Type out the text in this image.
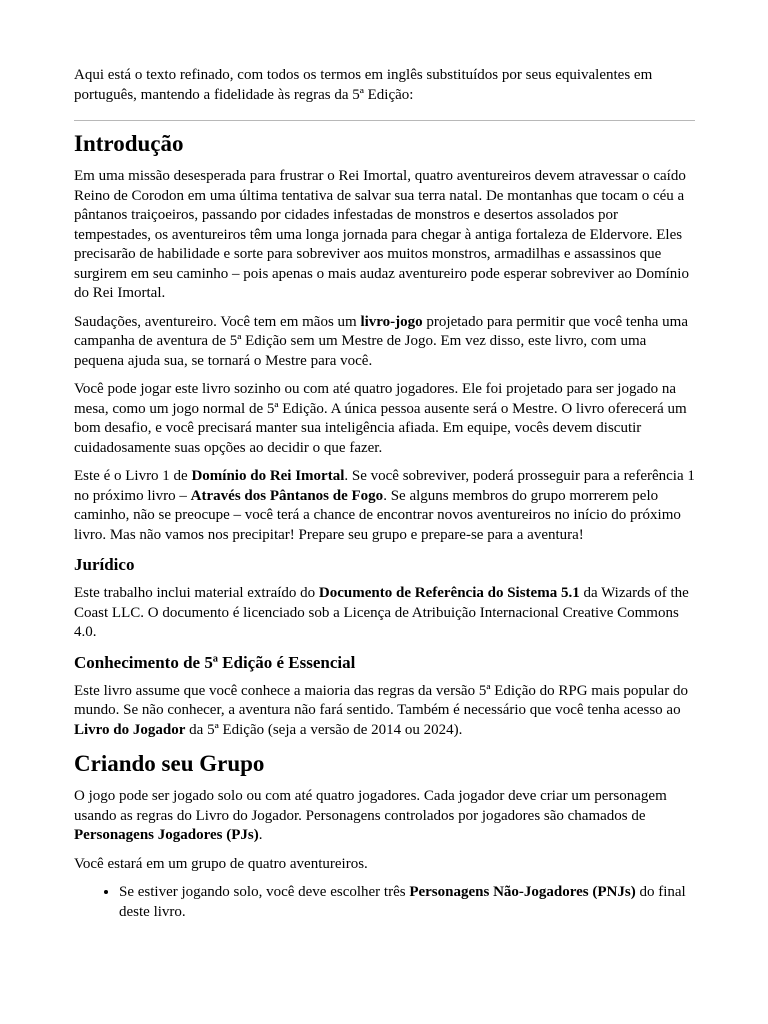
Aqui está o texto refinado, com todos os termos em inglês substituídos por seus equivalentes em português, mantendo a fidelidade às regras da 5ª Edição:

Introdução

Em uma missão desesperada para frustrar o Rei Imortal, quatro aventureiros devem atravessar o caído Reino de Corodon em uma última tentativa de salvar sua terra natal. De montanhas que tocam o céu a pântanos traiçoeiros, passando por cidades infestadas de monstros e desertos assolados por tempestades, os aventureiros têm uma longa jornada para chegar à antiga fortaleza de Eldervore. Eles precisarão de habilidade e sorte para sobreviver aos muitos monstros, armadilhas e assassinos que surgirem em seu caminho – pois apenas o mais audaz aventureiro pode esperar sobreviver ao Domínio do Rei Imortal.

Saudações, aventureiro. Você tem em mãos um livro-jogo projetado para permitir que você tenha uma campanha de aventura de 5ª Edição sem um Mestre de Jogo. Em vez disso, este livro, com uma pequena ajuda sua, se tornará o Mestre para você.

Você pode jogar este livro sozinho ou com até quatro jogadores. Ele foi projetado para ser jogado na mesa, como um jogo normal de 5ª Edição. A única pessoa ausente será o Mestre. O livro oferecerá um bom desafio, e você precisará manter sua inteligência afiada. Em equipe, vocês devem discutir cuidadosamente suas opções ao decidir o que fazer.

Este é o Livro 1 de Domínio do Rei Imortal. Se você sobreviver, poderá prosseguir para a referência 1 no próximo livro – Através dos Pântanos de Fogo. Se alguns membros do grupo morrerem pelo caminho, não se preocupe – você terá a chance de encontrar novos aventureiros no início do próximo livro. Mas não vamos nos precipitar! Prepare seu grupo e prepare-se para a aventura!

Jurídico

Este trabalho inclui material extraído do Documento de Referência do Sistema 5.1 da Wizards of the Coast LLC. O documento é licenciado sob a Licença de Atribuição Internacional Creative Commons 4.0.

Conhecimento de 5ª Edição é Essencial

Este livro assume que você conhece a maioria das regras da versão 5ª Edição do RPG mais popular do mundo. Se não conhecer, a aventura não fará sentido. Também é necessário que você tenha acesso ao Livro do Jogador da 5ª Edição (seja a versão de 2014 ou 2024).

Criando seu Grupo

O jogo pode ser jogado solo ou com até quatro jogadores. Cada jogador deve criar um personagem usando as regras do Livro do Jogador. Personagens controlados por jogadores são chamados de Personagens Jogadores (PJs).

Você estará em um grupo de quatro aventureiros.

• Se estiver jogando solo, você deve escolher três Personagens Não-Jogadores (PNJs) do final deste livro.
